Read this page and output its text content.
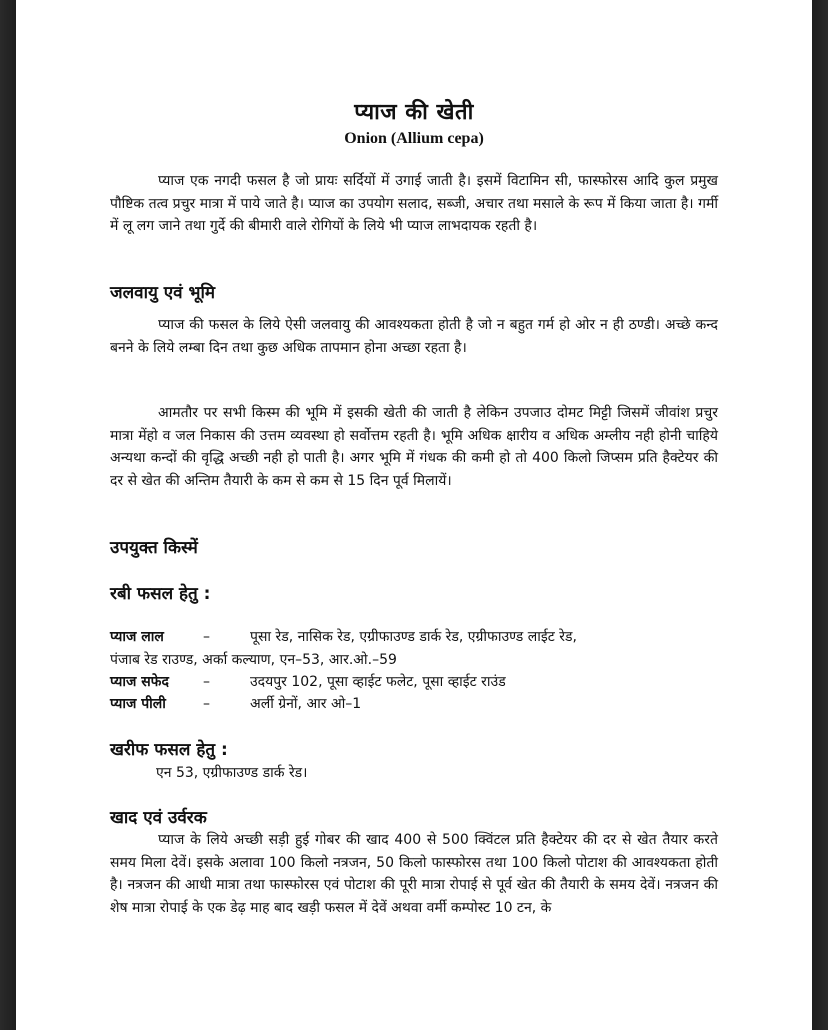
प्याज की खेती
Onion (Allium cepa)

प्याज एक नगदी फसल है जो प्रायः सर्दियों में उगाई जाती है। इसमें विटामिन सी, फास्फोरस आदि कुल प्रमुख पौष्टिक तत्व प्रचुर मात्रा में पाये जाते है। प्याज का उपयोग सलाद, सब्जी, अचार तथा मसाले के रूप में किया जाता है। गर्मी में लू लग जाने तथा गुर्दे की बीमारी वाले रोगियों के लिये भी प्याज लाभदायक रहती है।

जलवायु एवं भूमि

प्याज की फसल के लिये ऐसी जलवायु की आवश्यकता होती है जो न बहुत गर्म हो ओर न ही ठण्डी। अच्छे कन्द बनने के लिये लम्बा दिन तथा कुछ अधिक तापमान होना अच्छा रहता है।

आमतौर पर सभी किस्म की भूमि में इसकी खेती की जाती है लेकिन उपजाउ दोमट मिट्टी जिसमें जीवांश प्रचुर मात्रा मेंहो व जल निकास की उत्तम व्यवस्था हो सर्वोत्तम रहती है। भूमि अधिक क्षारीय व अधिक अम्लीय नही होनी चाहिये अन्यथा कन्दों की वृद्धि अच्छी नही हो पाती है। अगर भूमि में गंधक की कमी हो तो 400 किलो जिप्सम प्रति हैक्टेयर की दर से खेत की अन्तिम तैयारी के कम से कम से 15 दिन पूर्व मिलायें।

उपयुक्त किस्में
रबी फसल हेतु :
प्याज लाल	–	पूसा रेड, नासिक रेड, एग्रीफाउण्ड डार्क रेड, एग्रीफाउण्ड लाईट रेड,
पंजाब रेड राउण्ड, अर्का कल्याण, एन–53, आर.ओ.–59
प्याज सफेद –	उदयपुर 102, पूसा व्हाईट फलेट, पूसा व्हाईट राउंड
प्याज पीली	–	अर्ली ग्रेनों, आर ओ–1
खरीफ फसल हेतु :
एन 53, एग्रीफाउण्ड डार्क रेड।
खाद एवं उर्वरक

प्याज के लिये अच्छी सड़ी हुई गोबर की खाद 400 से 500 क्विंटल प्रति हैक्टेयर की दर से खेत तैयार करते समय मिला देवें। इसके अलावा 100 किलो नत्रजन, 50 किलो फास्फोरस तथा 100 किलो पोटाश की आवश्यकता होती है। नत्रजन की आधी मात्रा तथा फास्फोरस एवं पोटाश की पूरी मात्रा रोपाई से पूर्व खेत की तैयारी के समय देवें। नत्रजन की शेष मात्रा रोपाई के एक डेढ़ माह बाद खड़ी फसल में देवें अथवा वर्मी कम्पोस्ट 10 टन, के
